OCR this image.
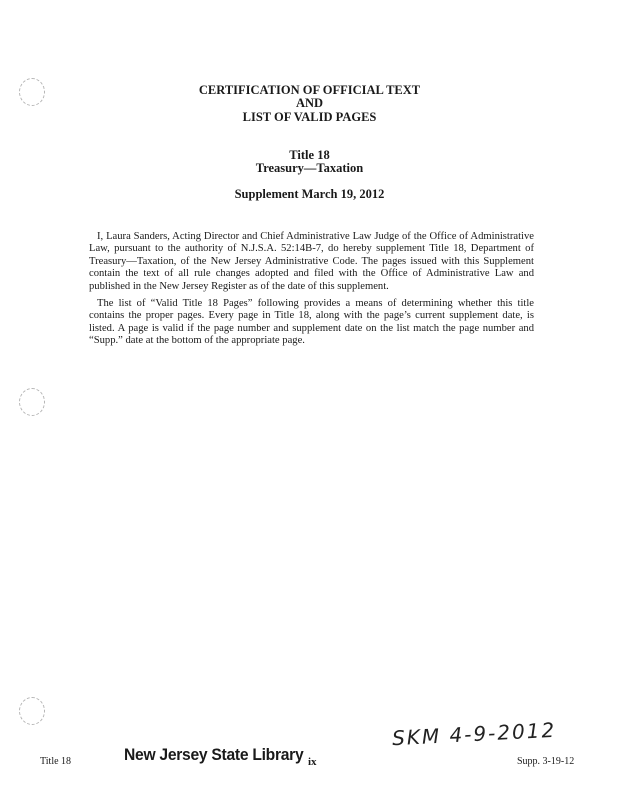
CERTIFICATION OF OFFICIAL TEXT
AND
LIST OF VALID PAGES
Title 18
Treasury—Taxation
Supplement March 19, 2012
I, Laura Sanders, Acting Director and Chief Administrative Law Judge of the Office of Administrative Law, pursuant to the authority of N.J.S.A. 52:14B-7, do hereby supplement Title 18, Department of Treasury—Taxation, of the New Jersey Administrative Code. The pages issued with this Supplement contain the text of all rule changes adopted and filed with the Office of Administrative Law and published in the New Jersey Register as of the date of this supplement.
The list of “Valid Title 18 Pages” following provides a means of determining whether this title contains the proper pages. Every page in Title 18, along with the page’s current supplement date, is listed. A page is valid if the page number and supplement date on the list match the page number and “Supp.” date at the bottom of the appropriate page.
Title 18	New Jersey State Library ix
SKM 4-9-2012
Supp. 3-19-12
